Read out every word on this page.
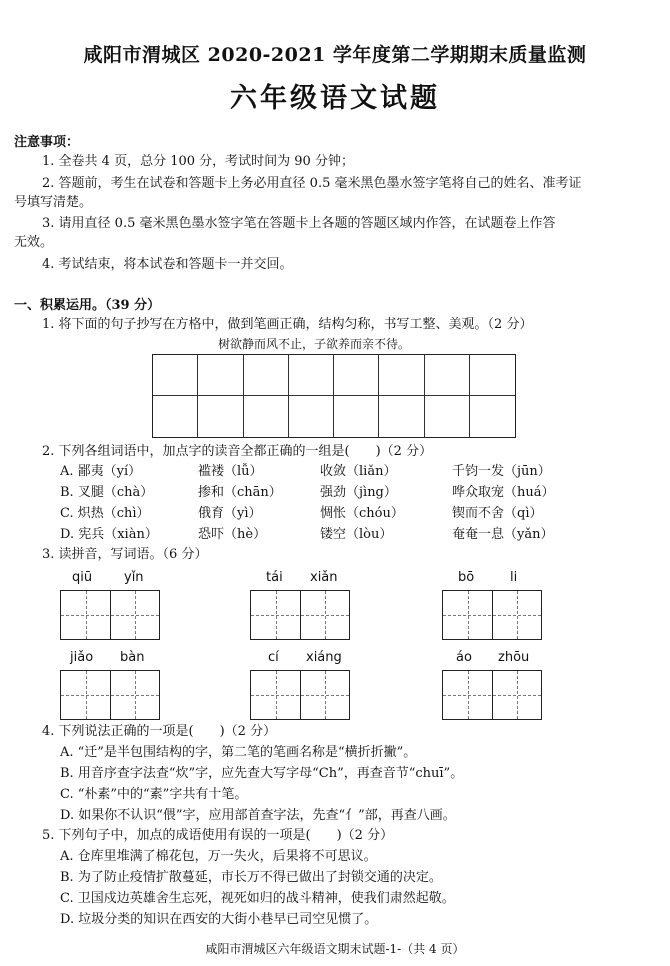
咸阳市渭城区 2020-2021 学年度第二学期期末质量监测
六年级语文试题
注意事项：
1. 全卷共 4 页，总分 100 分，考试时间为 90 分钟；
2. 答题前，考生在试卷和答题卡上务必用直径 0.5 毫米黑色墨水签字笔将自己的姓名、准考证
号填写清楚。
3. 请用直径 0.5 毫米黑色墨水签字笔在答题卡上各题的答题区域内作答，在试题卷上作答
无效。
4. 考试结束，将本试卷和答题卡一并交回。
一、积累运用。（39 分）
1. 将下面的句子抄写在方格中，做到笔画正确，结构匀称，书写工整、美观。（2 分）
树欲静而风不止，子欲养而亲不待。
2. 下列各组词语中，加点字的读音全都正确的一组是(　　)（2 分）
A. 鄙夷（yí）	褴褛（lǚ）	收敛（liǎn）	千钧一发（jūn）
B. 叉腿（chà）	掺和（chān）	强劲（jìng）	哗众取宠（huá）
C. 炽热（chì）	俄育（yì）	惆怅（chóu）	锲而不舍（qì）
D. 宪兵（xiàn）	恐吓（hè）	镂空（lòu）	奄奄一息（yǎn）
3. 读拼音，写词语。（6 分）
qiū yǐn	tái xiǎn	bō	li
jiǎo bàn	cí xiáng	áo zhōu
4. 下列说法正确的一项是(　　)（2 分）
A. “迁”是半包围结构的字，第二笔的笔画名称是“横折折撇”。
B. 用音序查字法查“炊”字，应先查大写字母“Ch”，再查音节“chuī”。
C. “朴素”中的“素”字共有十笔。
D. 如果你不认识“偎”字，应用部首查字法，先查“亻”部，再查八画。
5. 下列句子中，加点的成语使用有误的一项是(　　)（2 分）
A. 仓库里堆满了棉花包，万一失火，后果将不可思议。
B. 为了防止疫情扩散蔓延，市长万不得已做出了封锁交通的决定。
C. 卫国戍边英雄舍生忘死，视死如归的战斗精神，使我们肃然起敬。
D. 垃圾分类的知识在西安的大街小巷早已司空见惯了。
咸阳市渭城区六年级语文期末试题-1-（共 4 页）
